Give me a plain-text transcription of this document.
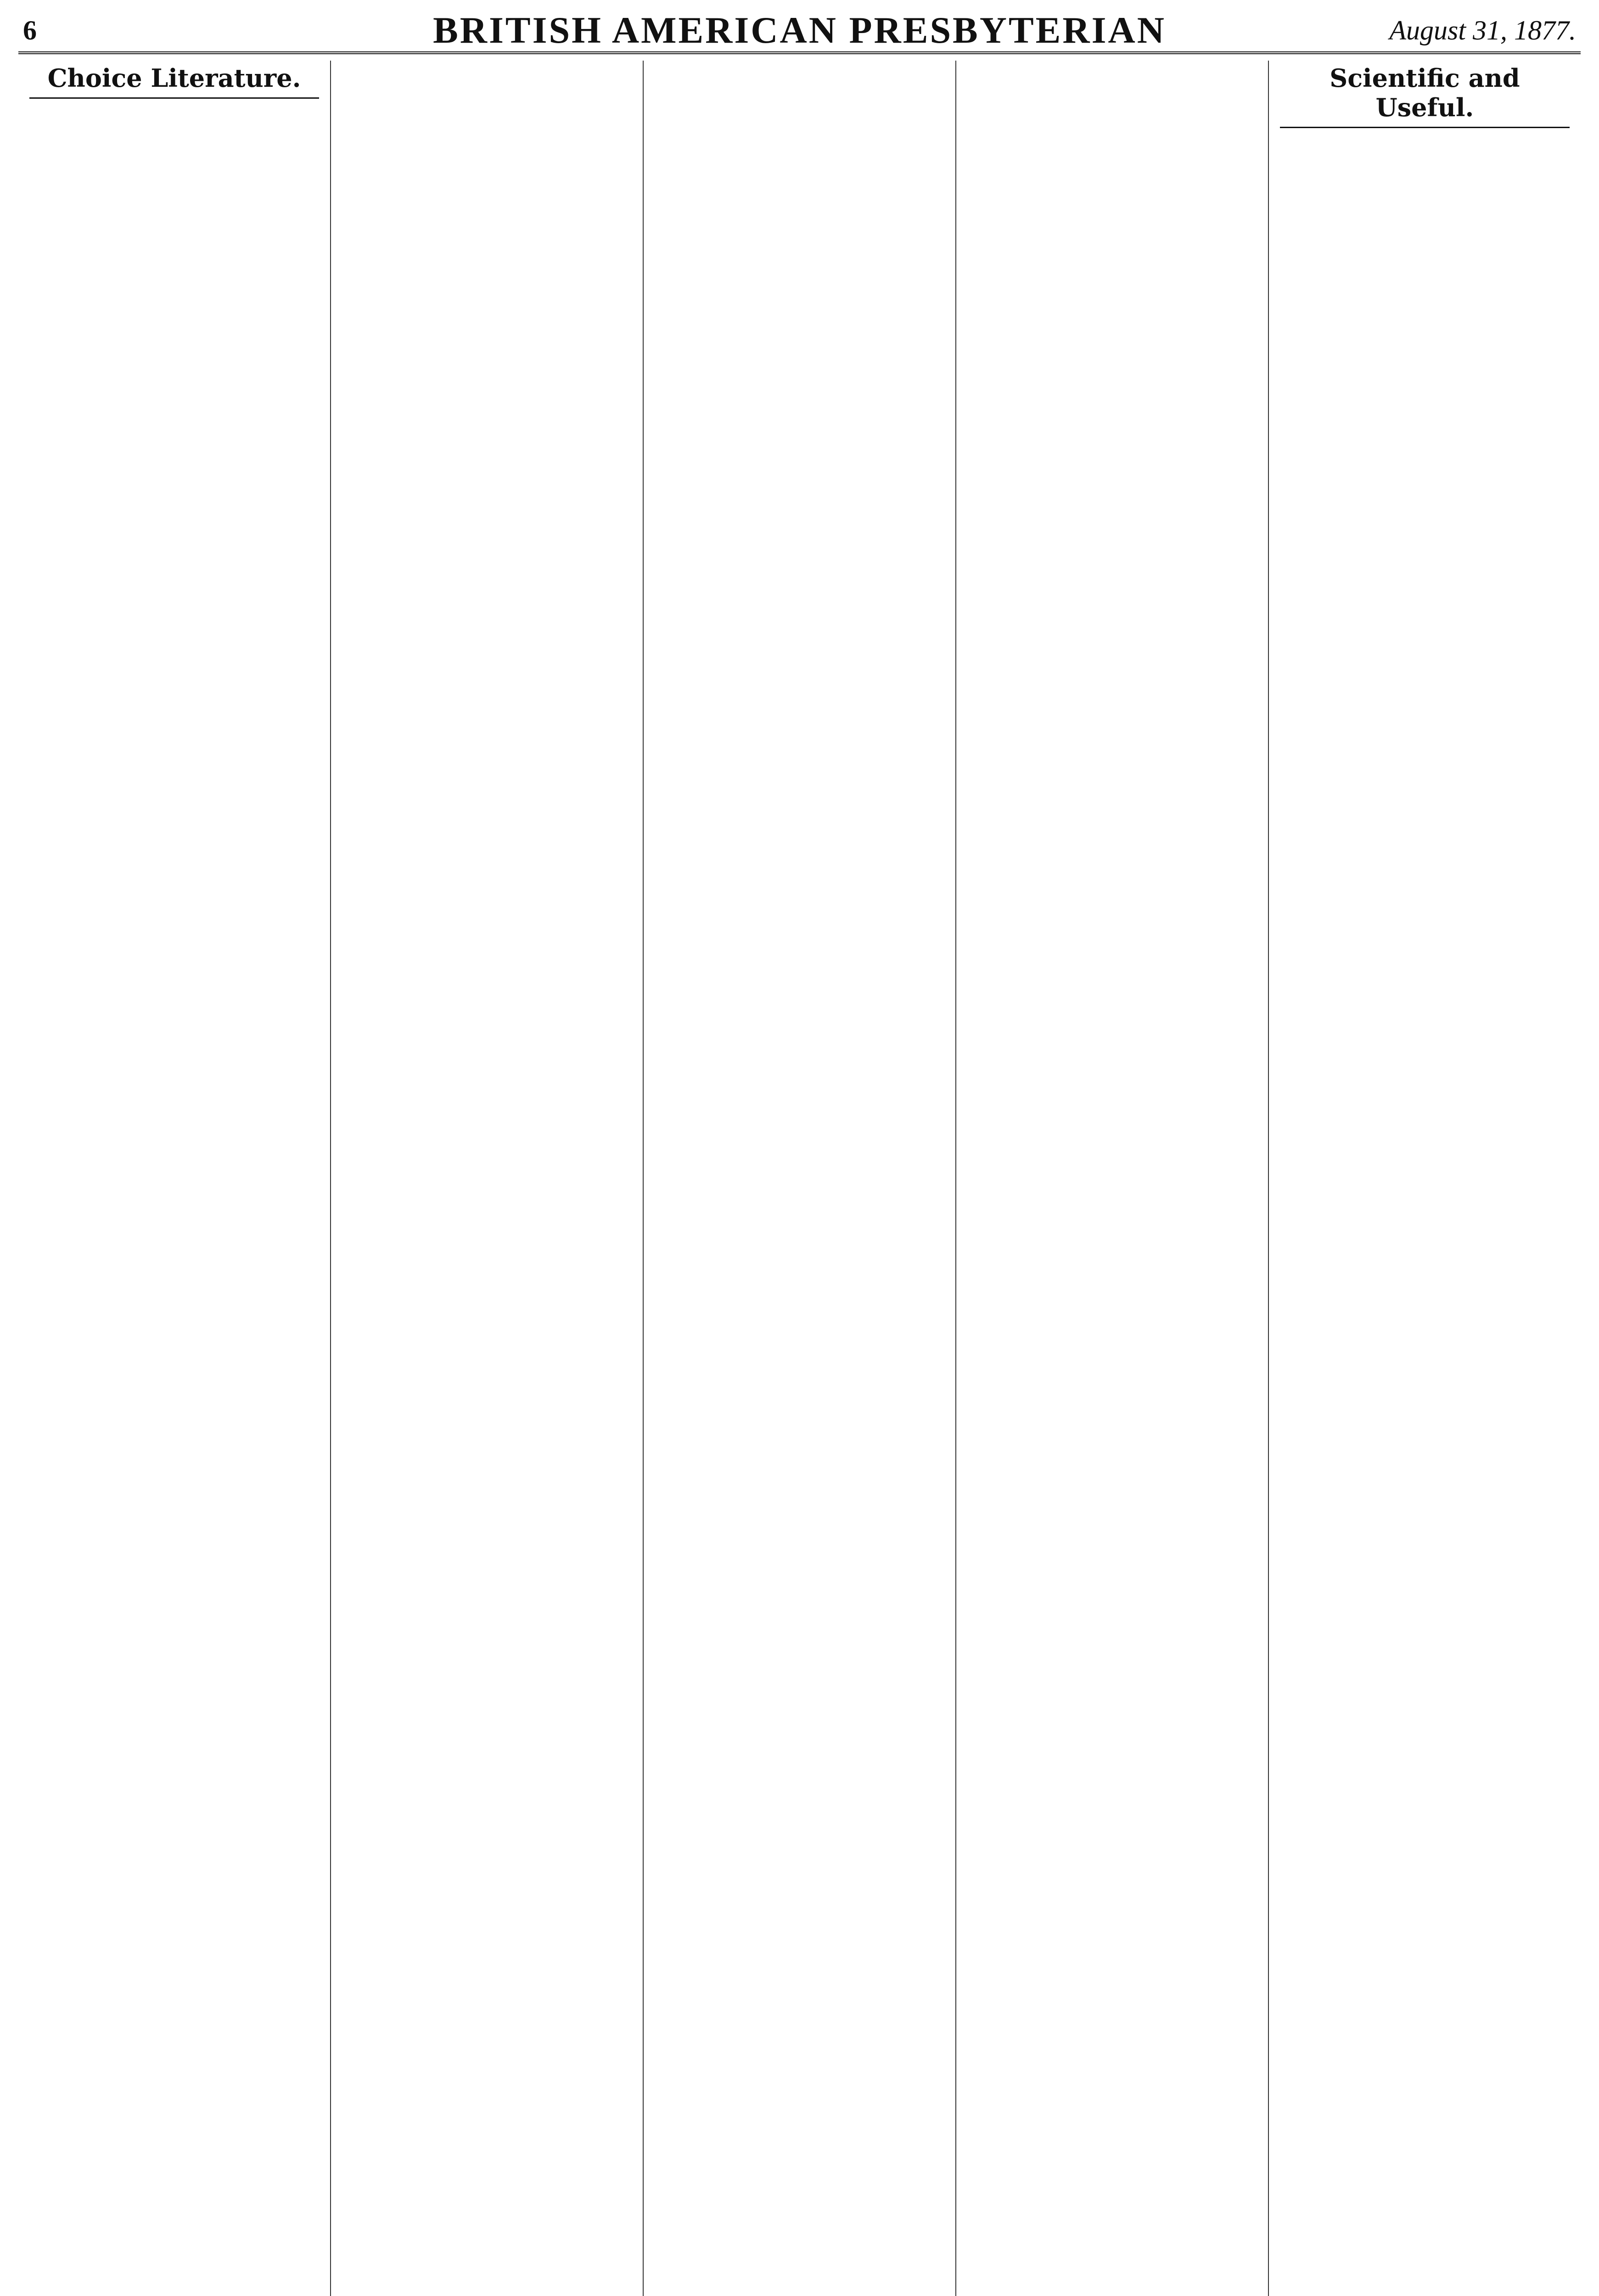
6	BRITISH AMERICAN PRESBYTERIAN	August 31, 1877.
Choice Literature.	Scientific and Useful.
